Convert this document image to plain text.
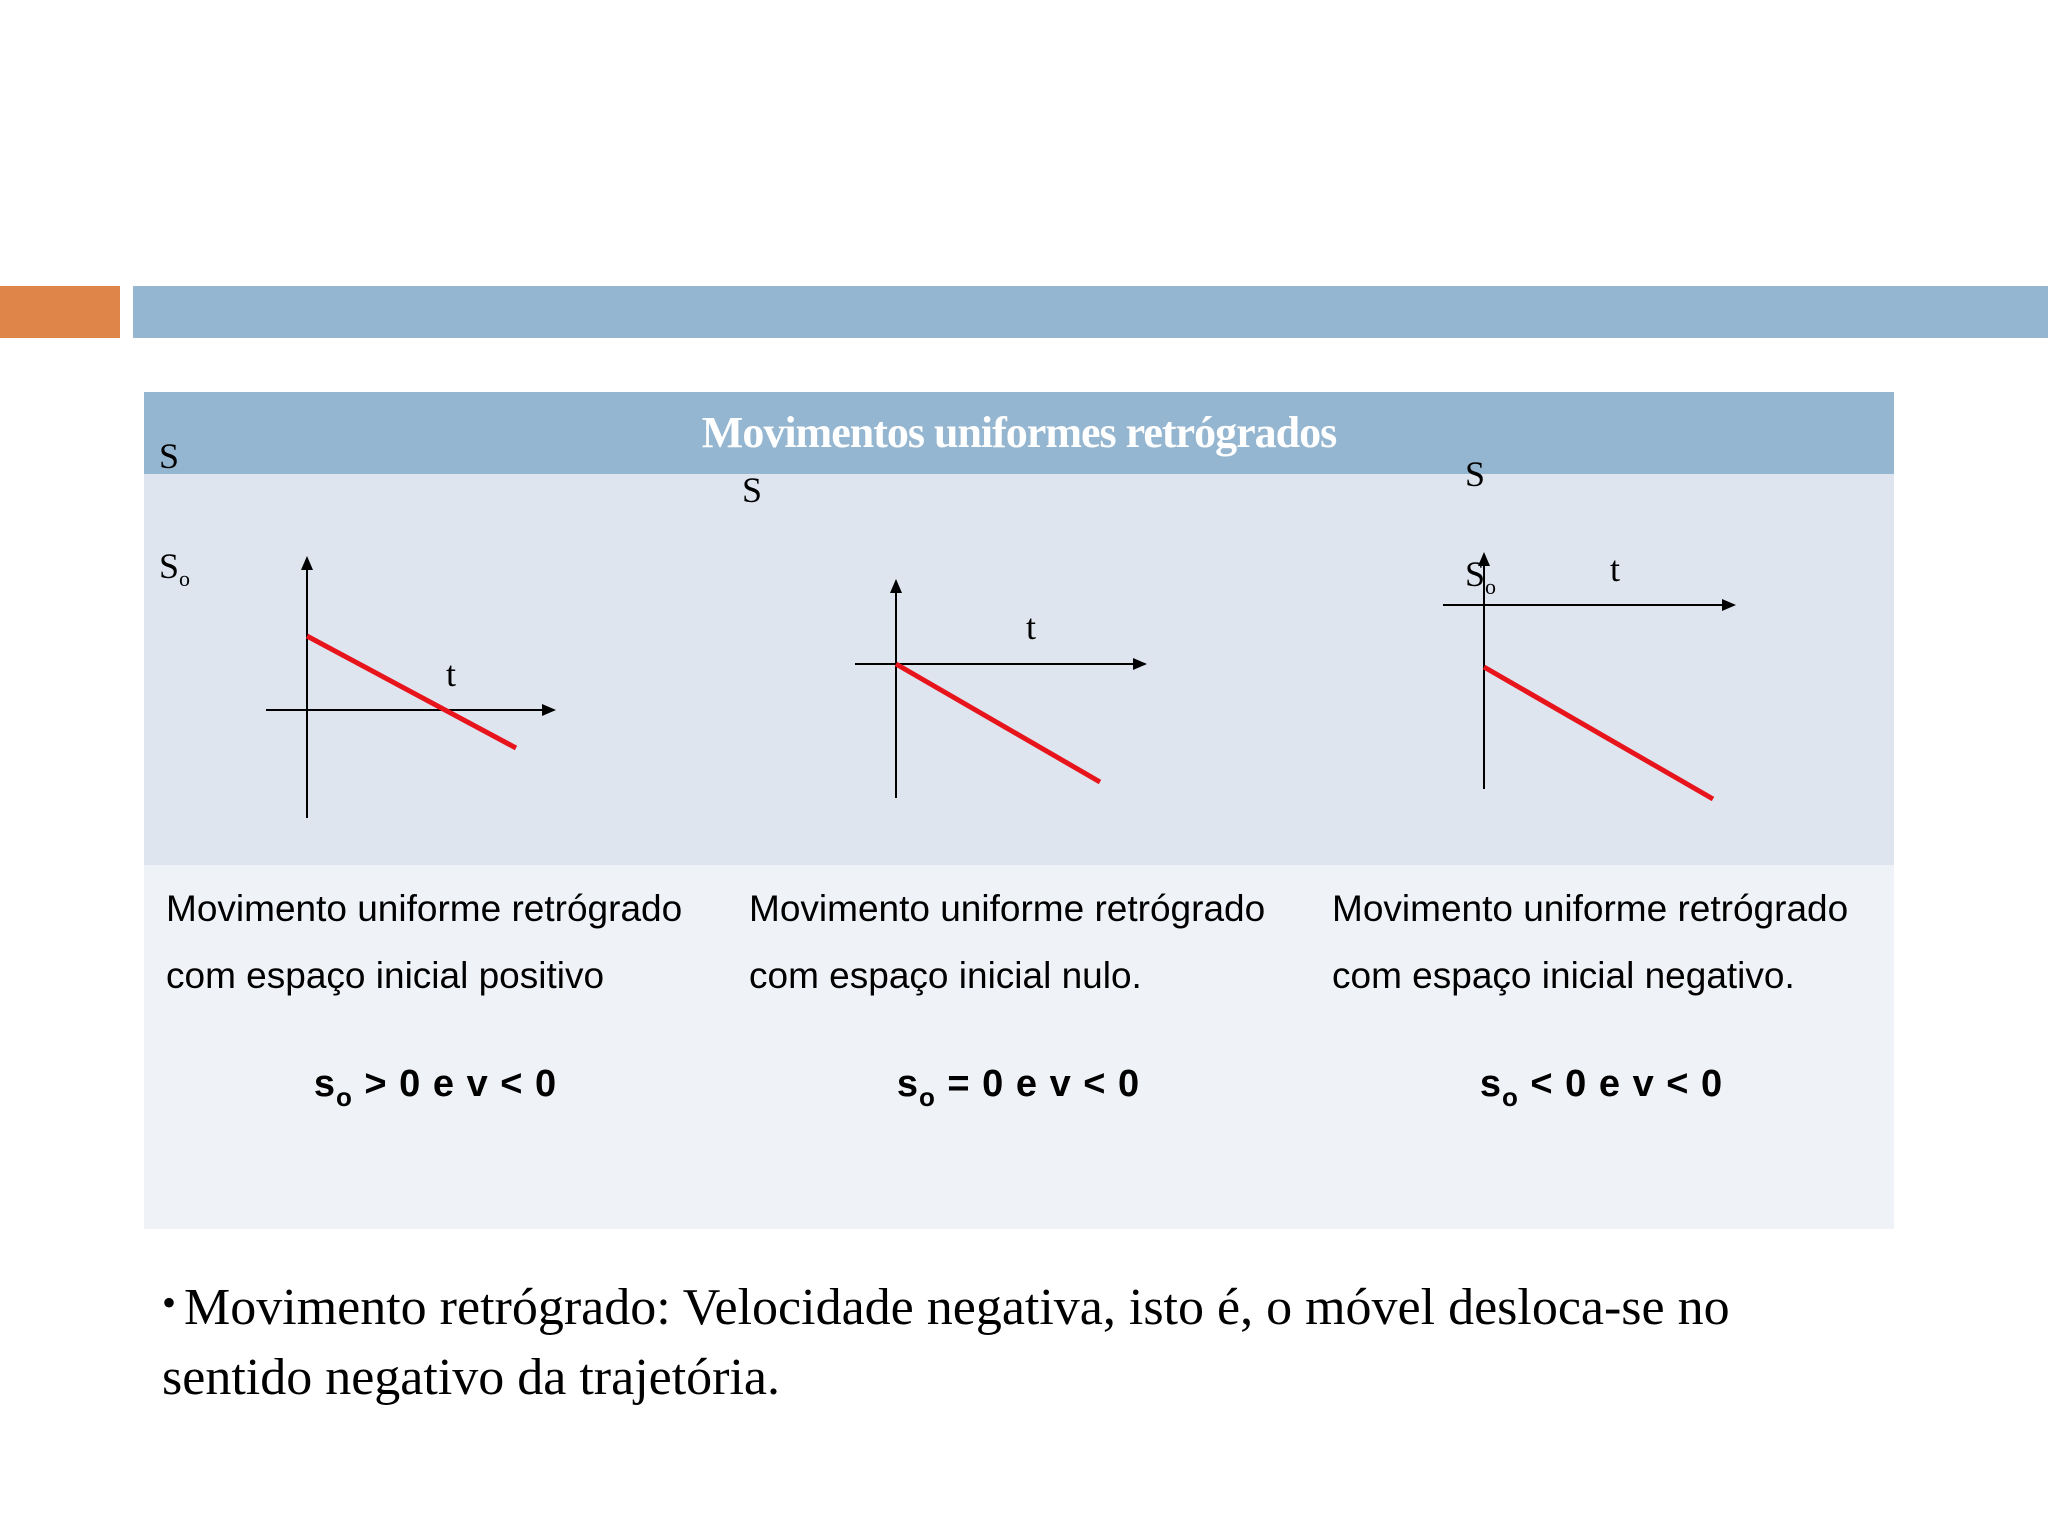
Movimentos uniformes retrógrados
S
$S_o$
t
S
t
S
$S_o$	t
Movimento uniforme retrógrado com espaço inicial positivo
$s_o > 0$ e v < 0
Movimento uniforme retrógrado com espaço inicial nulo.
$s_o = 0$ e v < 0
Movimento uniforme retrógrado com espaço inicial negativo.
$s_o < 0$ e v < 0
• Movimento retrógrado: Velocidade negativa, isto é, o móvel desloca-se no sentido negativo da trajetória.
